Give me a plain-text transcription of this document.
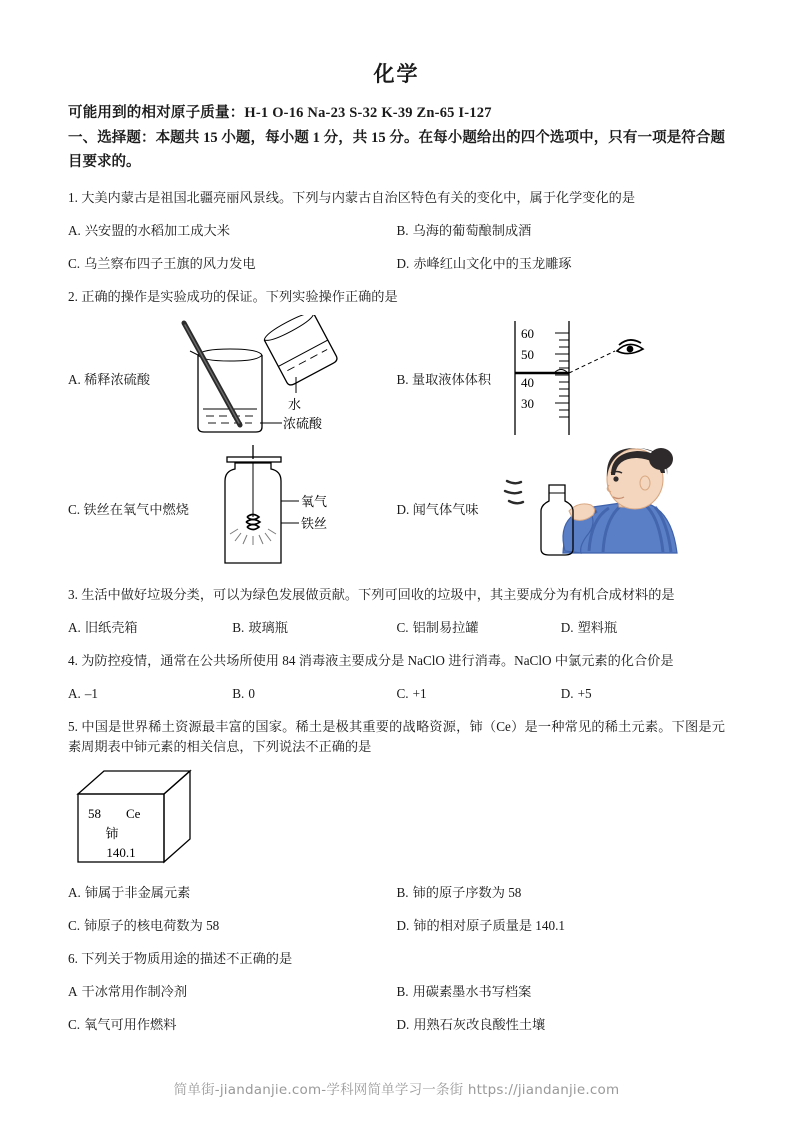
化学
可能用到的相对原子质量：H-1 O-16 Na-23 S-32 K-39 Zn-65 I-127
一、选择题：本题共 15 小题，每小题 1 分，共 15 分。在每小题给出的四个选项中，只有一项是符合题目要求的。
1. 大美内蒙古是祖国北疆亮丽风景线。下列与内蒙古自治区特色有关的变化中，属于化学变化的是
A. 兴安盟的水稻加工成大米	B. 乌海的葡萄酿制成酒
C. 乌兰察布四子王旗的风力发电	D. 赤峰红山文化中的玉龙雕琢
2. 正确的操作是实验成功的保证。下列实验操作正确的是
A. 稀释浓硫酸
水
浓硫酸
B. 量取液体体积
60
50
40
30
C. 铁丝在氧气中燃烧	氧气
铁丝
D. 闻气体气味
3. 生活中做好垃圾分类，可以为绿色发展做贡献。下列可回收的垃圾中，其主要成分为有机合成材料的是
A. 旧纸壳箱	B. 玻璃瓶	C. 铝制易拉罐	D. 塑料瓶
4. 为防控疫情，通常在公共场所使用 84 消毒液主要成分是 NaClO 进行消毒。NaClO 中氯元素的化合价是
A. –1	B. 0	C. +1	D. +5
5. 中国是世界稀土资源最丰富的国家。稀土是极其重要的战略资源，铈（Ce）是一种常见的稀土元素。下图是元素周期表中铈元素的相关信息，下列说法不正确的是
58 Ce
铈
140.1
A. 铈属于非金属元素	B. 铈的原子序数为 58
C. 铈原子的核电荷数为 58	D. 铈的相对原子质量是 140.1
6. 下列关于物质用途的描述不正确的是
A 干冰常用作制冷剂	B. 用碳素墨水书写档案
C. 氧气可用作燃料	D. 用熟石灰改良酸性土壤
简单街-jiandanjie.com-学科网简单学习一条街 https://jiandanjie.com
